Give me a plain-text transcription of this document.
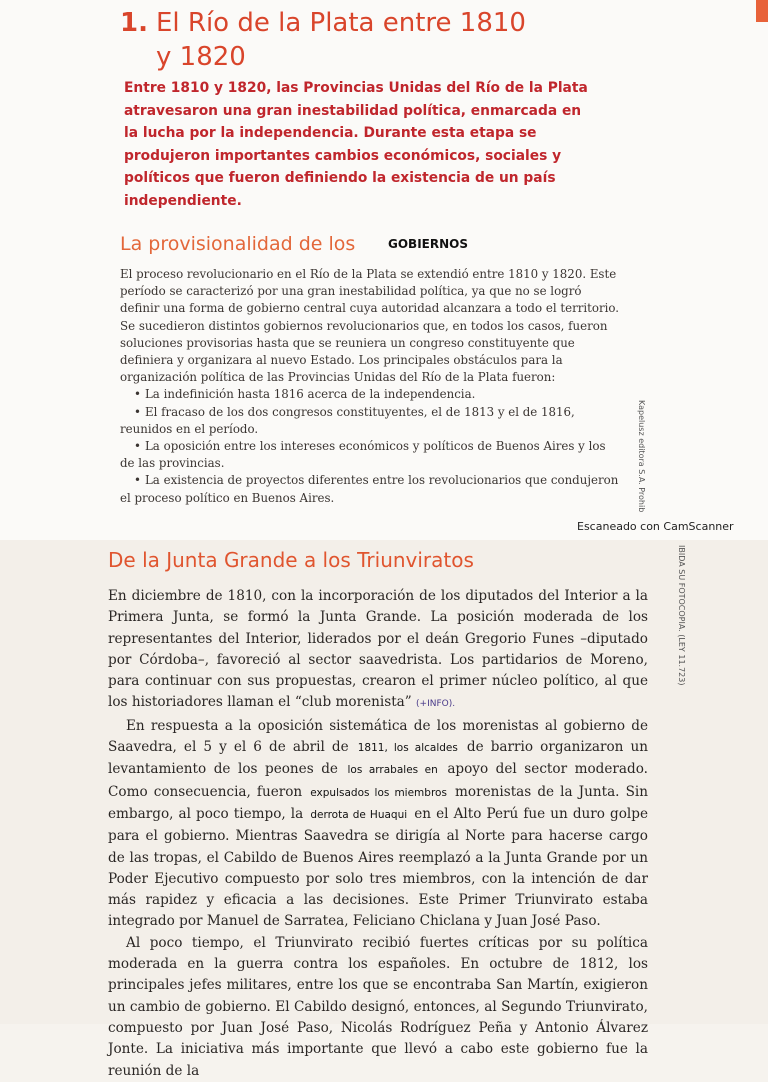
1. El Río de la Plata entre 1810
y 1820
Entre 1810 y 1820, las Provincias Unidas del Río de la Plata atravesaron una gran inestabilidad política, enmarcada en la lucha por la independencia. Durante esta etapa se produjeron importantes cambios económicos, sociales y políticos que fueron definiendo la existencia de un país independiente.
La provisionalidad de los	GOBIERNOS

El proceso revolucionario en el Río de la Plata se extendió entre 1810 y 1820. Este período se caracterizó por una gran inestabilidad política, ya que no se logró definir una forma de gobierno central cuya autoridad alcanzara a todo el territorio. Se sucedieron distintos gobiernos revolucionarios que, en todos los casos, fueron soluciones provisorias hasta que se reuniera un congreso constituyente que definiera y organizara al nuevo Estado. Los principales obstáculos para la organización política de las Provincias Unidas del Río de la Plata fueron:

• La indefinición hasta 1816 acerca de la independencia.
• El fracaso de los dos congresos constituyentes, el de 1813 y el de 1816, reunidos en el período.
• La oposición entre los intereses económicos y políticos de Buenos Aires y los de las provincias.
• La existencia de proyectos diferentes entre los revolucionarios que condujeron el proceso político en Buenos Aires.	Kapelusz editora S.A. Prohib
IBIDA SU FOTOCOPIA. (LEY 11.723)
Escaneado con CamScanner
De la Junta Grande a los Triunviratos

En diciembre de 1810, con la incorporación de los diputados del Interior a la Primera Junta, se formó la Junta Grande. La posición moderada de los representantes del Interior, liderados por el deán Gregorio Funes –diputado por Córdoba–, favoreció al sector saavedrista. Los partidarios de Moreno, para continuar con sus propuestas, crearon el primer núcleo político, al que los historiadores llaman el “club morenista” (+INFO).

En respuesta a la oposición sistemática de los morenistas al gobierno de Saavedra, el 5 y el 6 de abril de 1811, los alcaldes de barrio organizaron un levantamiento de los peones de los arrabales en apoyo del sector moderado. Como consecuencia, fueron expulsados los miembros morenistas de la Junta. Sin embargo, al poco tiempo, la derrota de Huaqui en el Alto Perú fue un duro golpe para el gobierno. Mientras Saavedra se dirigía al Norte para hacerse cargo de las tropas, el Cabildo de Buenos Aires reemplazó a la Junta Grande por un Poder Ejecutivo compuesto por solo tres miembros, con la intención de dar más rapidez y eficacia a las decisiones. Este Primer Triunvirato estaba integrado por Manuel de Sarratea, Feliciano Chiclana y Juan José Paso.

Al poco tiempo, el Triunvirato recibió fuertes críticas por su política moderada en la guerra contra los españoles. En octubre de 1812, los principales jefes militares, entre los que se encontraba San Martín, exigieron un cambio de gobierno. El Cabildo designó, entonces, al Segundo Triunvirato, compuesto por Juan José Paso, Nicolás Rodríguez Peña y Antonio Álvarez Jonte. La iniciativa más importante que llevó a cabo este gobierno fue la reunión de la
